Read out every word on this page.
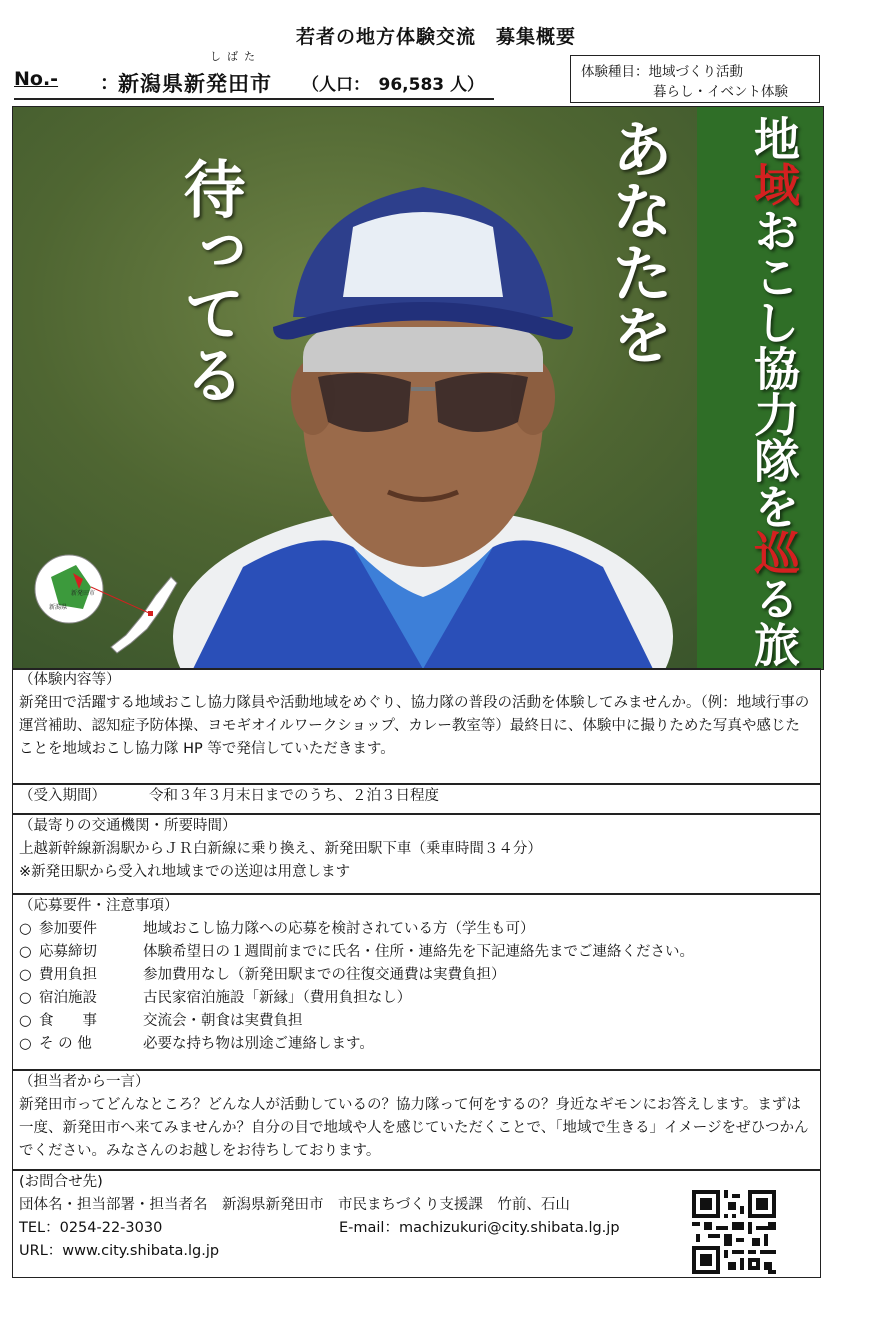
若者の地方体験交流　募集概要
No.- ：
しばた
新潟県新発田市 （人口：　96,583 人）
体験種目：地域づくり活動
暮らし・イベント体験
あなたを
待ってる
地域おこし協力隊を巡る旅
新発田市
新潟県
（体験内容等）
新発田で活躍する地域おこし協力隊員や活動地域をめぐり、協力隊の普段の活動を体験してみませんか。（例：地域行事の運営補助、認知症予防体操、ヨモギオイルワークショップ、カレー教室等）最終日に、体験中に撮りためた写真や感じたことを地域おこし協力隊 HP 等で発信していただきます。
（受入期間）	令和３年３月末日までのうち、２泊３日程度
（最寄りの交通機関・所要時間）
上越新幹線新潟駅からＪＲ白新線に乗り換え、新発田駅下車（乗車時間３４分）
※新発田駅から受入れ地域までの送迎は用意します
（応募要件・注意事項）
○ 参加要件	地域おこし協力隊への応募を検討されている方（学生も可）
○ 応募締切	体験希望日の１週間前までに氏名・住所・連絡先を下記連絡先までご連絡ください。
○ 費用負担	参加費用なし（新発田駅までの往復交通費は実費負担）
○ 宿泊施設	古民家宿泊施設「新縁」（費用負担なし）
○ 食　　事	交流会・朝食は実費負担
○ そ の 他	必要な持ち物は別途ご連絡します。
（担当者から一言）
新発田市ってどんなところ？どんな人が活動しているの？協力隊って何をするの？身近なギモンにお答えします。まずは一度、新発田市へ来てみませんか？自分の目で地域や人を感じていただくことで、「地域で生きる」イメージをぜひつかんでください。みなさんのお越しをお待ちしております。
(お問合せ先)
団体名・担当部署・担当者名　 新潟県新発田市　市民まちづくり支援課　竹前、石山
TEL：0254-22-3030	E-mail：machizukuri@city.shibata.lg.jp
URL：www.city.shibata.lg.jp
